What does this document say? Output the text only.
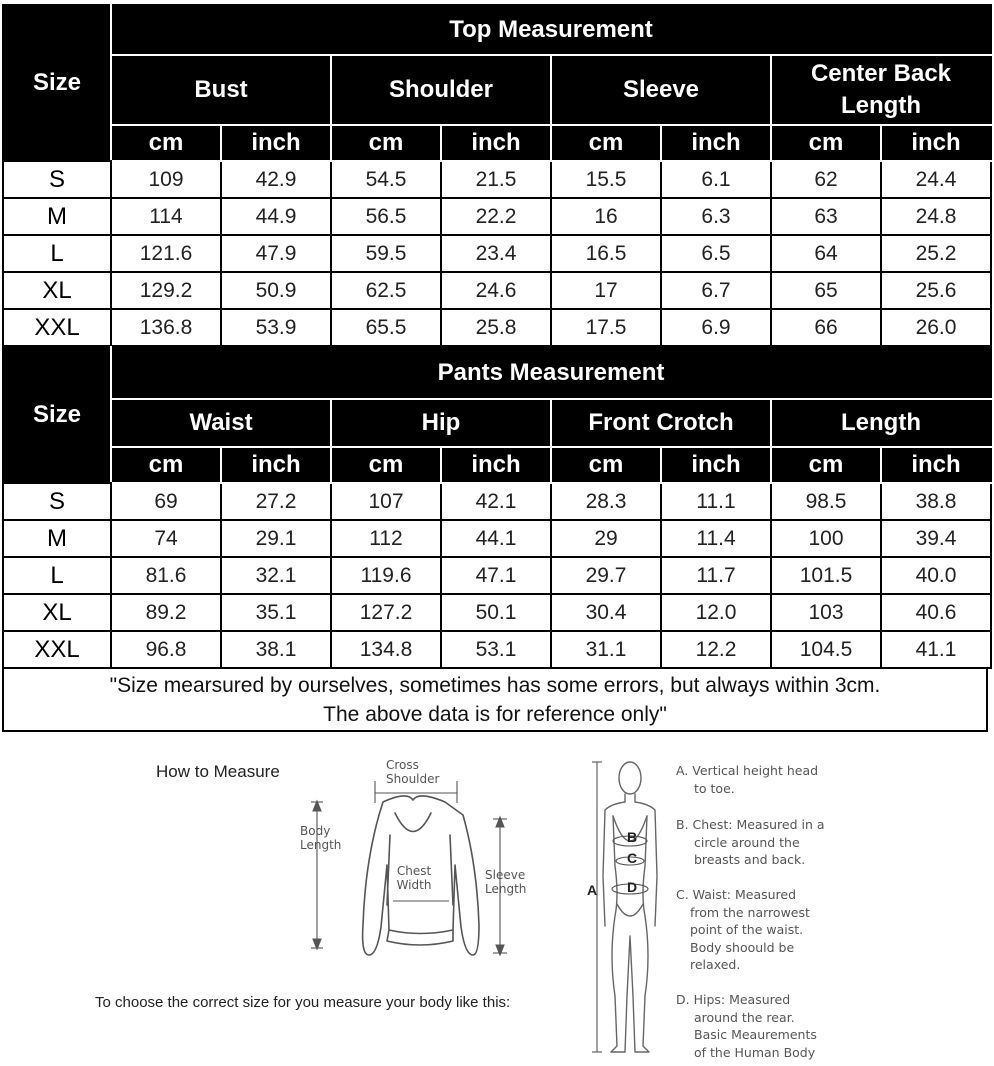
Size	Top Measurement							
	Bust		Shoulder		Sleeve		Center Back Length	
	cm	inch	cm	inch	cm	inch	cm	inch
S	109	42.9	54.5	21.5	15.5	6.1	62	24.4
M	114	44.9	56.5	22.2	16	6.3	63	24.8
L	121.6	47.9	59.5	23.4	16.5	6.5	64	25.2
XL	129.2	50.9	62.5	24.6	17	6.7	65	25.6
XXL	136.8	53.9	65.5	25.8	17.5	6.9	66	26.0
Size	Pants Measurement							
	Waist		Hip		Front Crotch		Length	
	cm	inch	cm	inch	cm	inch	cm	inch
S	69	27.2	107	42.1	28.3	11.1	98.5	38.8
M	74	29.1	112	44.1	29	11.4	100	39.4
L	81.6	32.1	119.6	47.1	29.7	11.7	101.5	40.0
XL	89.2	35.1	127.2	50.1	30.4	12.0	103	40.6
XXL	96.8	38.1	134.8	53.1	31.1	12.2	104.5	41.1
"Size mearsured by ourselves, sometimes has some errors, but always within 3cm.
The above data is for reference only"
How to Measure
To choose the correct size for you measure your body like this:
Cross
Shoulder
Body
Length
Chest
Width
Sleeve
Length	A
B
C
D
A. Vertical height head
to toe.
B. Chest: Measured in a
circle around the
breasts and back.
C. Waist: Measured
from the narrowest
point of the waist.
Body shoould be
relaxed.
D. Hips: Measured
around the rear.
Basic Meaurements
of the Human Body
